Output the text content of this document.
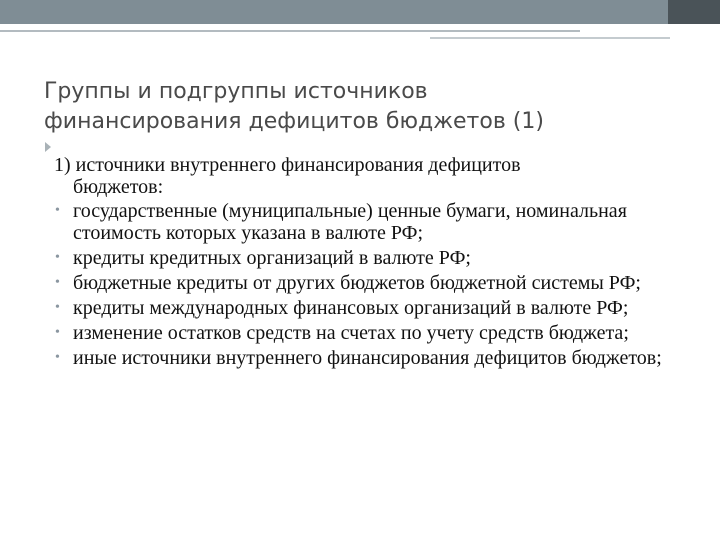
Группы и подгруппы источников
финансирования дефицитов бюджетов (1)
1) источники внутреннего финансирования дефицитов
бюджетов:
• государственные (муниципальные) ценные бумаги, номинальная стоимость которых указана в валюте РФ;
• кредиты кредитных организаций в валюте РФ;
• бюджетные кредиты от других бюджетов бюджетной системы РФ;
• кредиты международных финансовых организаций в валюте РФ;
• изменение остатков средств на счетах по учету средств бюджета;
• иные источники внутреннего финансирования дефицитов бюджетов;
